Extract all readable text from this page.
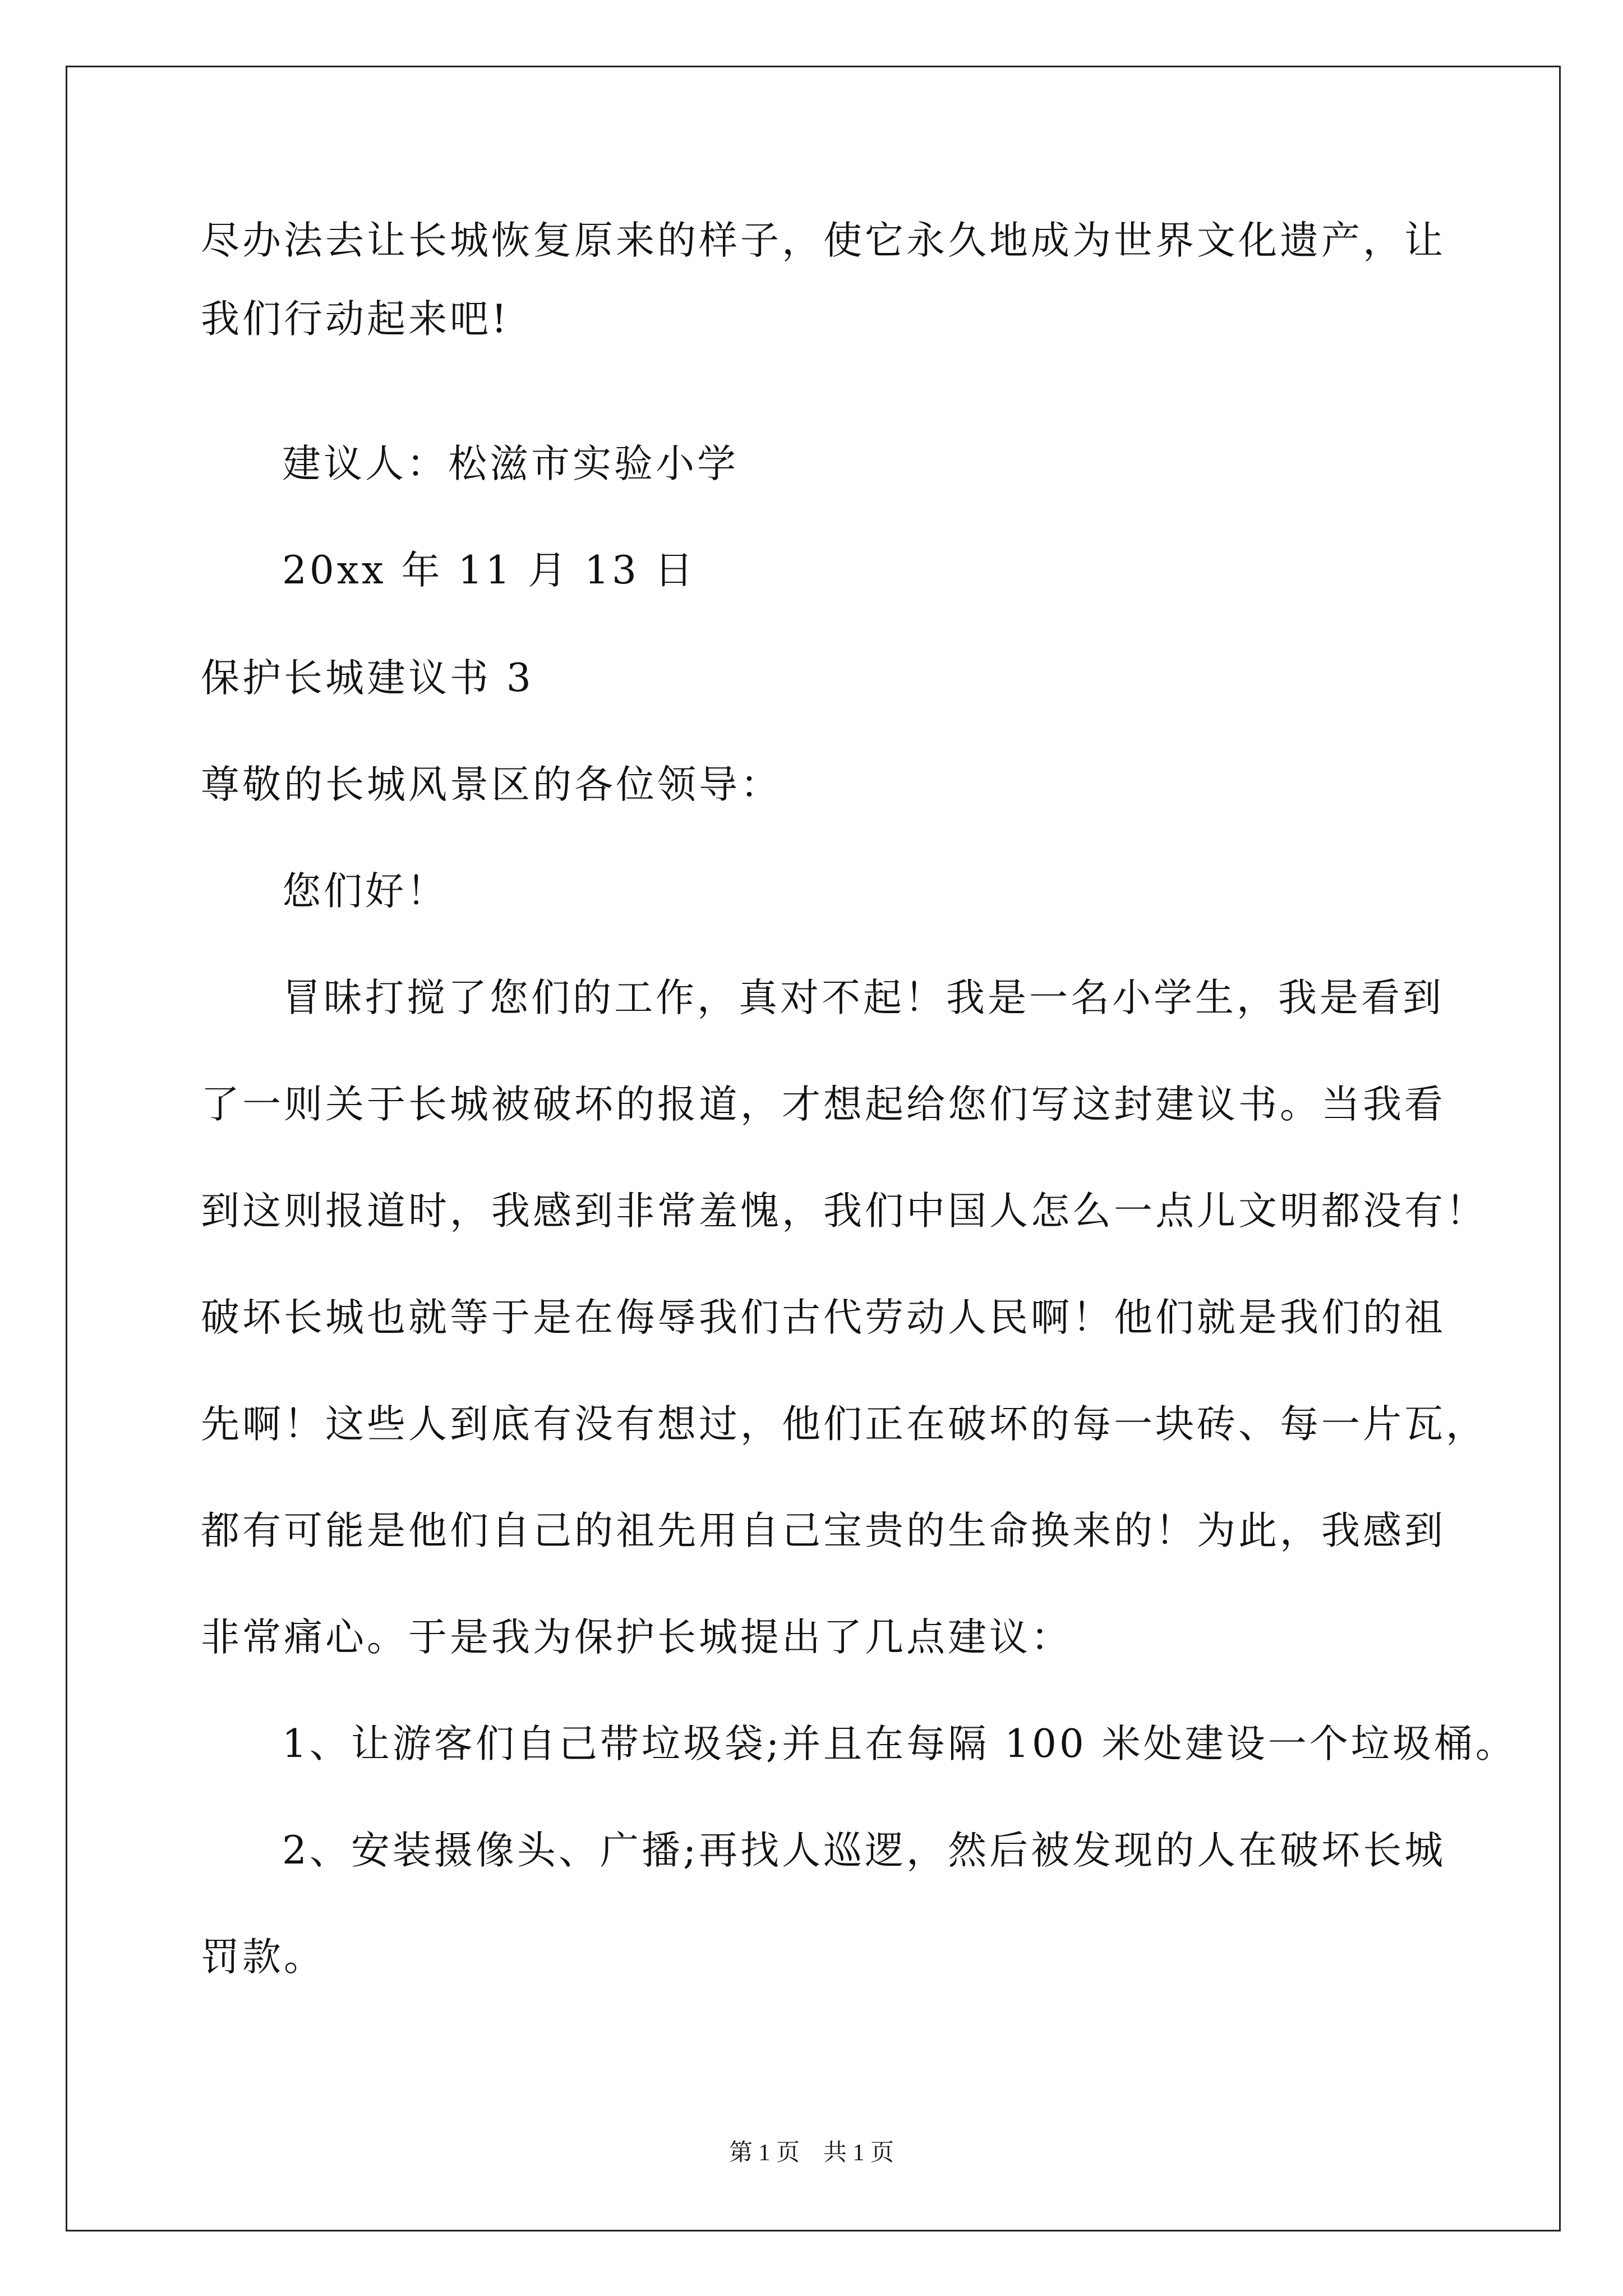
尽办法去让长城恢复原来的样子，使它永久地成为世界文化遗产，让
我们行动起来吧!
建议人：松滋市实验小学
20xx 年 11 月 13 日
保护长城建议书 3
尊敬的长城风景区的各位领导：
您们好！
冒昧打搅了您们的工作，真对不起！我是一名小学生，我是看到
了一则关于长城被破坏的报道，才想起给您们写这封建议书。当我看
到这则报道时，我感到非常羞愧，我们中国人怎么一点儿文明都没有！
破坏长城也就等于是在侮辱我们古代劳动人民啊！他们就是我们的祖
先啊！这些人到底有没有想过，他们正在破坏的每一块砖、每一片瓦，
都有可能是他们自己的祖先用自己宝贵的生命换来的！为此，我感到
非常痛心。于是我为保护长城提出了几点建议：
1、让游客们自己带垃圾袋;并且在每隔 100 米处建设一个垃圾桶。
2、安装摄像头、广播;再找人巡逻，然后被发现的人在破坏长城
罚款。
第 1 页    共 1 页
